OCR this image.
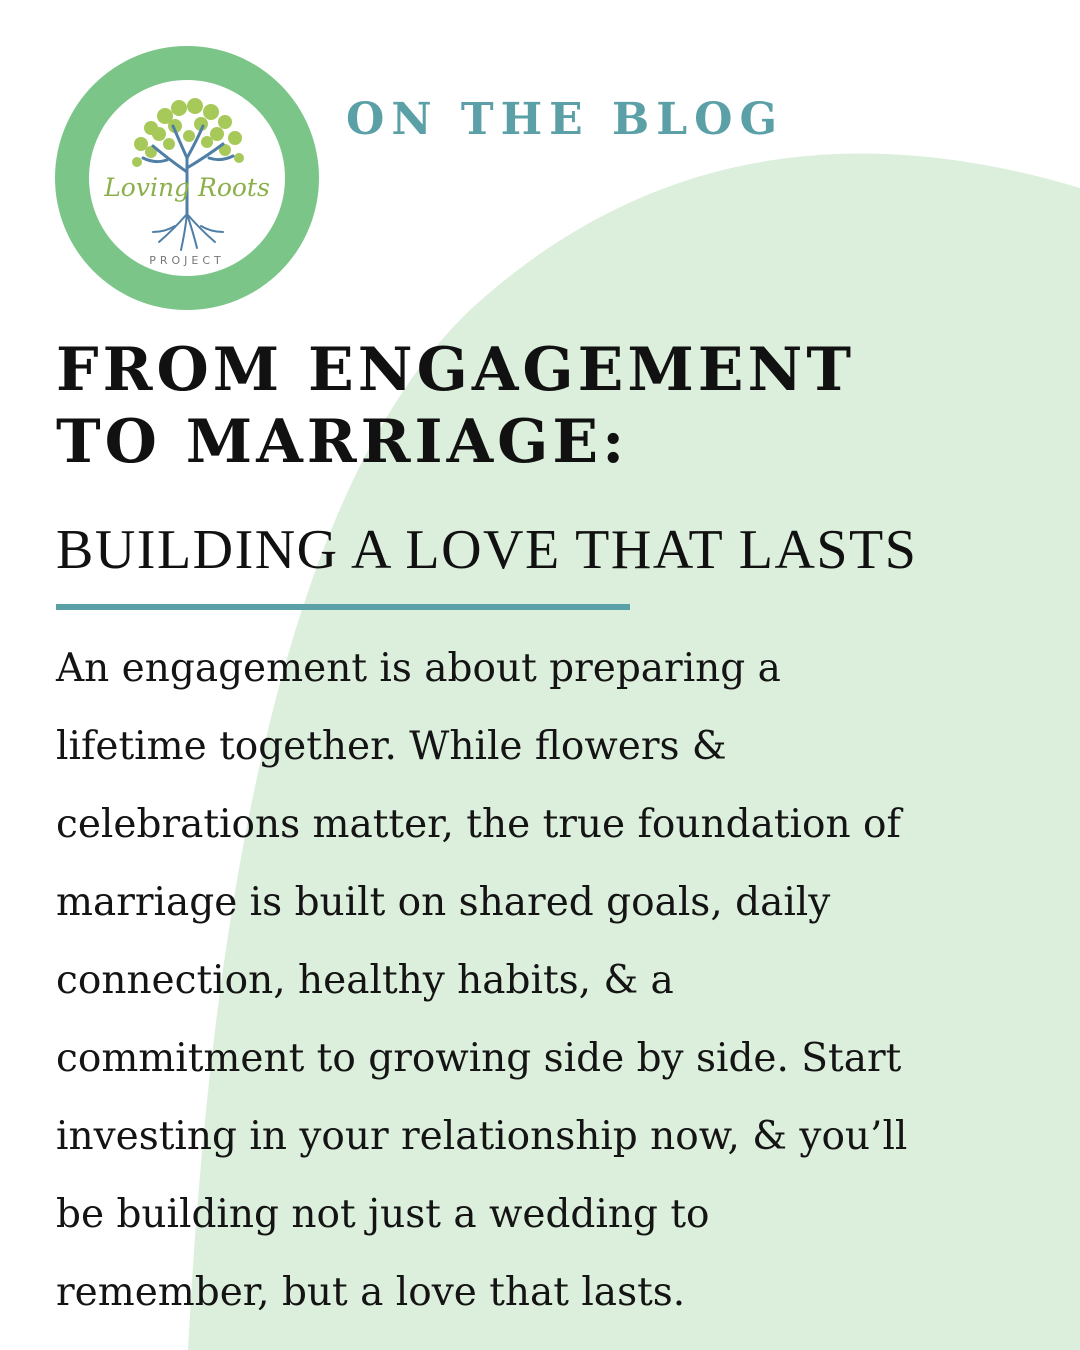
Loving Roots
PROJECT
ON THE BLOG
FROM ENGAGEMENT
TO MARRIAGE:
BUILDING A LOVE THAT LASTS

An engagement is about preparing a
lifetime together. While flowers &
celebrations matter, the true foundation of
marriage is built on shared goals, daily
connection, healthy habits, & a
commitment to growing side by side. Start
investing in your relationship now, & you’ll
be building not just a wedding to
remember, but a love that lasts.
